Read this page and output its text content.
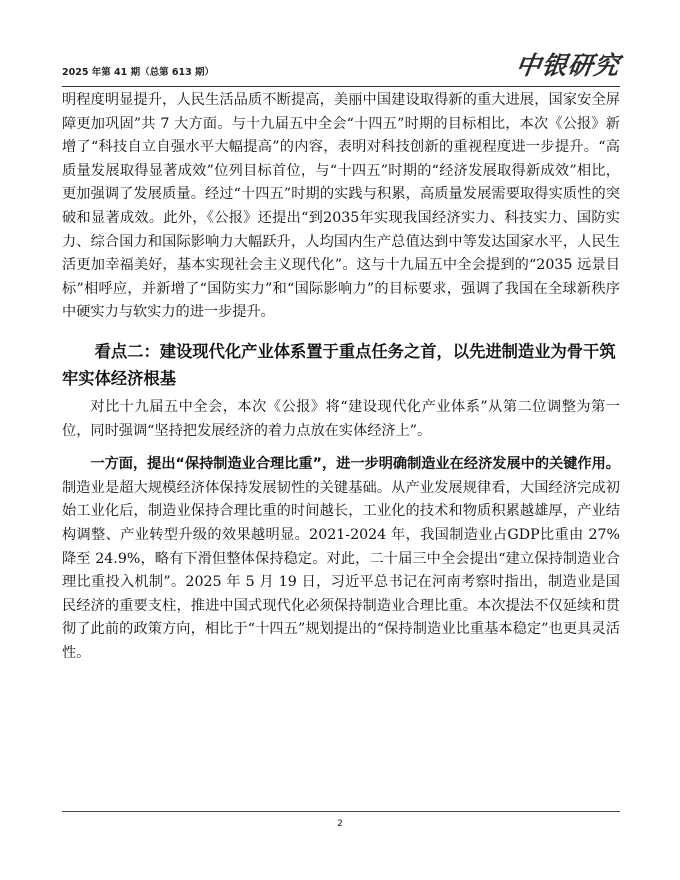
2025 年第 41 期（总第 613 期）	中银研究

明程度明显提升，人民生活品质不断提高，美丽中国建设取得新的重大进展，国家安全屏障更加巩固”共 7 大方面。与十九届五中全会“十四五”时期的目标相比，本次《公报》新增了“科技自立自强水平大幅提高”的内容，表明对科技创新的重视程度进一步提升。“高质量发展取得显著成效”位列目标首位，与“十四五”时期的“经济发展取得新成效”相比，更加强调了发展质量。经过“十四五”时期的实践与积累，高质量发展需要取得实质性的突破和显著成效。此外，《公报》还提出“到2035年实现我国经济实力、科技实力、国防实力、综合国力和国际影响力大幅跃升，人均国内生产总值达到中等发达国家水平，人民生活更加幸福美好，基本实现社会主义现代化”。这与十九届五中全会提到的“2035 远景目标”相呼应，并新增了“国防实力”和“国际影响力”的目标要求，强调了我国在全球新秩序中硬实力与软实力的进一步提升。

看点二：建设现代化产业体系置于重点任务之首，以先进制造业为骨干筑牢实体经济根基

对比十九届五中全会，本次《公报》将“建设现代化产业体系”从第二位调整为第一位，同时强调“坚持把发展经济的着力点放在实体经济上”。

一方面，提出“保持制造业合理比重”，进一步明确制造业在经济发展中的关键作用。制造业是超大规模经济体保持发展韧性的关键基础。从产业发展规律看，大国经济完成初始工业化后，制造业保持合理比重的时间越长，工业化的技术和物质积累越雄厚，产业结构调整、产业转型升级的效果越明显。2021-2024 年，我国制造业占GDP比重由 27%降至 24.9%，略有下滑但整体保持稳定。对此，二十届三中全会提出“建立保持制造业合理比重投入机制”。2025 年 5 月 19 日，习近平总书记在河南考察时指出，制造业是国民经济的重要支柱，推进中国式现代化必须保持制造业合理比重。本次提法不仅延续和贯彻了此前的政策方向，相比于“十四五”规划提出的“保持制造业比重基本稳定”也更具灵活性。

2
